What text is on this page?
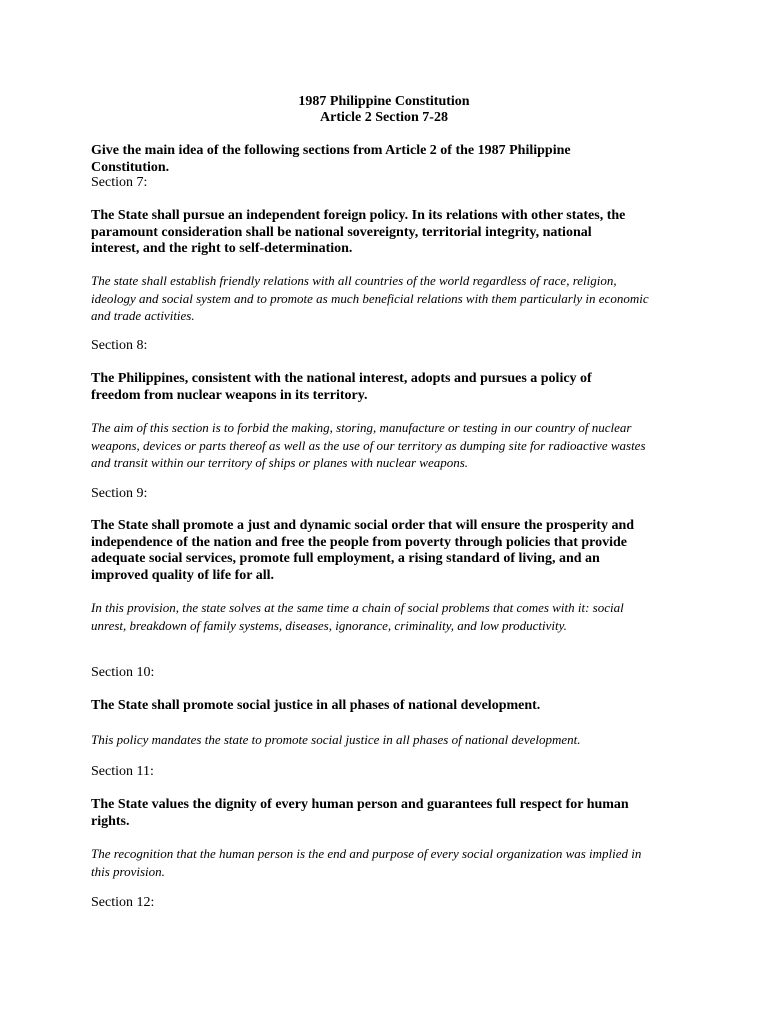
1987 Philippine Constitution
Article 2 Section 7-28

Give the main idea of the following sections from Article 2 of the 1987 Philippine Constitution.

Section 7:

The State shall pursue an independent foreign policy. In its relations with other states, the paramount consideration shall be national sovereignty, territorial integrity, national interest, and the right to self-determination.

The state shall establish friendly relations with all countries of the world regardless of race, religion, ideology and social system and to promote as much beneficial relations with them particularly in economic and trade activities.

Section 8:

The Philippines, consistent with the national interest, adopts and pursues a policy of freedom from nuclear weapons in its territory.

The aim of this section is to forbid the making, storing, manufacture or testing in our country of nuclear weapons, devices or parts thereof as well as the use of our territory as dumping site for radioactive wastes and transit within our territory of ships or planes with nuclear weapons.

Section 9:

The State shall promote a just and dynamic social order that will ensure the prosperity and independence of the nation and free the people from poverty through policies that provide adequate social services, promote full employment, a rising standard of living, and an improved quality of life for all.

In this provision, the state solves at the same time a chain of social problems that comes with it: social unrest, breakdown of family systems, diseases, ignorance, criminality, and low productivity.

Section 10:

The State shall promote social justice in all phases of national development.

This policy mandates the state to promote social justice in all phases of national development.

Section 11:

The State values the dignity of every human person and guarantees full respect for human rights.

The recognition that the human person is the end and purpose of every social organization was implied in this provision.

Section 12:
